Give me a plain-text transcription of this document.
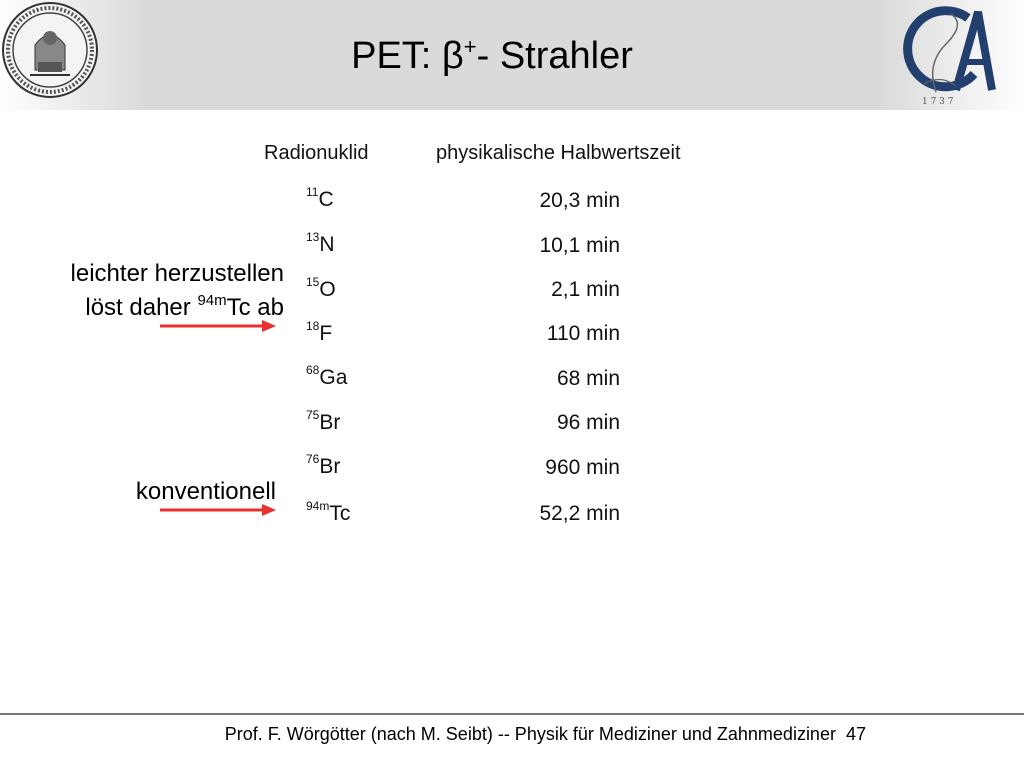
1 7 3 7
PET: β+- Strahler
Radionuklid	physikalische Halbwertszeit
$^{11}$C	20,3 min
$^{13}$N	10,1 min
$^{15}$O	2,1 min
$^{18}$F	110 min
$^{68}$Ga	68 min
$^{75}$Br	96 min
$^{76}$Br	960 min
$^{94m}$Tc	52,2 min
leichter herzustellen
löst daher $^{94m}$Tc ab
konventionell
Prof. F. Wörgötter (nach M. Seibt) -- Physik für Mediziner und Zahnmediziner 47
